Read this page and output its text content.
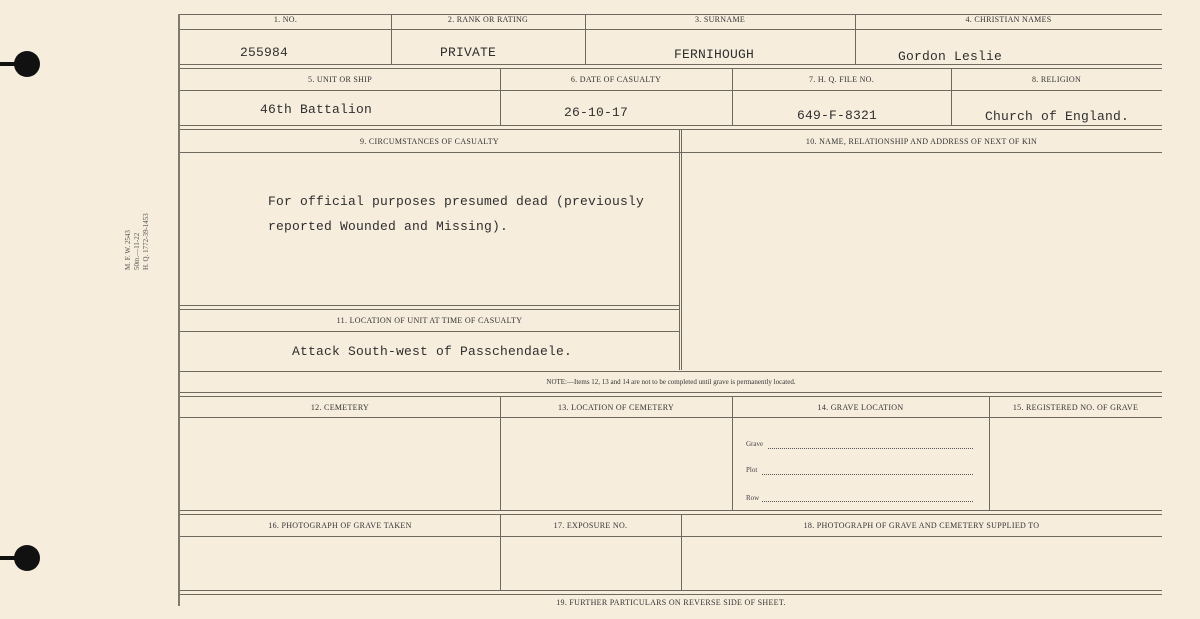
M. F. W. 2543 50m.—11-22 H. Q. 1772-39-1453
1. NO.	2. RANK OR RATING	3. SURNAME	4. CHRISTIAN NAMES
255984	PRIVATE	FERNIHOUGH	Gordon Leslie
5. UNIT OR SHIP	6. DATE OF CASUALTY	7. H. Q. FILE NO.	8. RELIGION
46th Battalion	26-10-17	649-F-8321	Church of England.
9. CIRCUMSTANCES OF CASUALTY	10. NAME, RELATIONSHIP AND ADDRESS OF NEXT OF KIN
For official purposes presumed dead (previously
reported Wounded and Missing).
11. LOCATION OF UNIT AT TIME OF CASUALTY
Attack South-west of Passchendaele.
NOTE:—Items 12, 13 and 14 are not to be completed until grave is permanently located.
12. CEMETERY	13. LOCATION OF CEMETERY	14. GRAVE LOCATION	15. REGISTERED NO. OF GRAVE
Grave
Plot
Row
16. PHOTOGRAPH OF GRAVE TAKEN	17. EXPOSURE NO.	18. PHOTOGRAPH OF GRAVE AND CEMETERY SUPPLIED TO
19. FURTHER PARTICULARS ON REVERSE SIDE OF SHEET.
